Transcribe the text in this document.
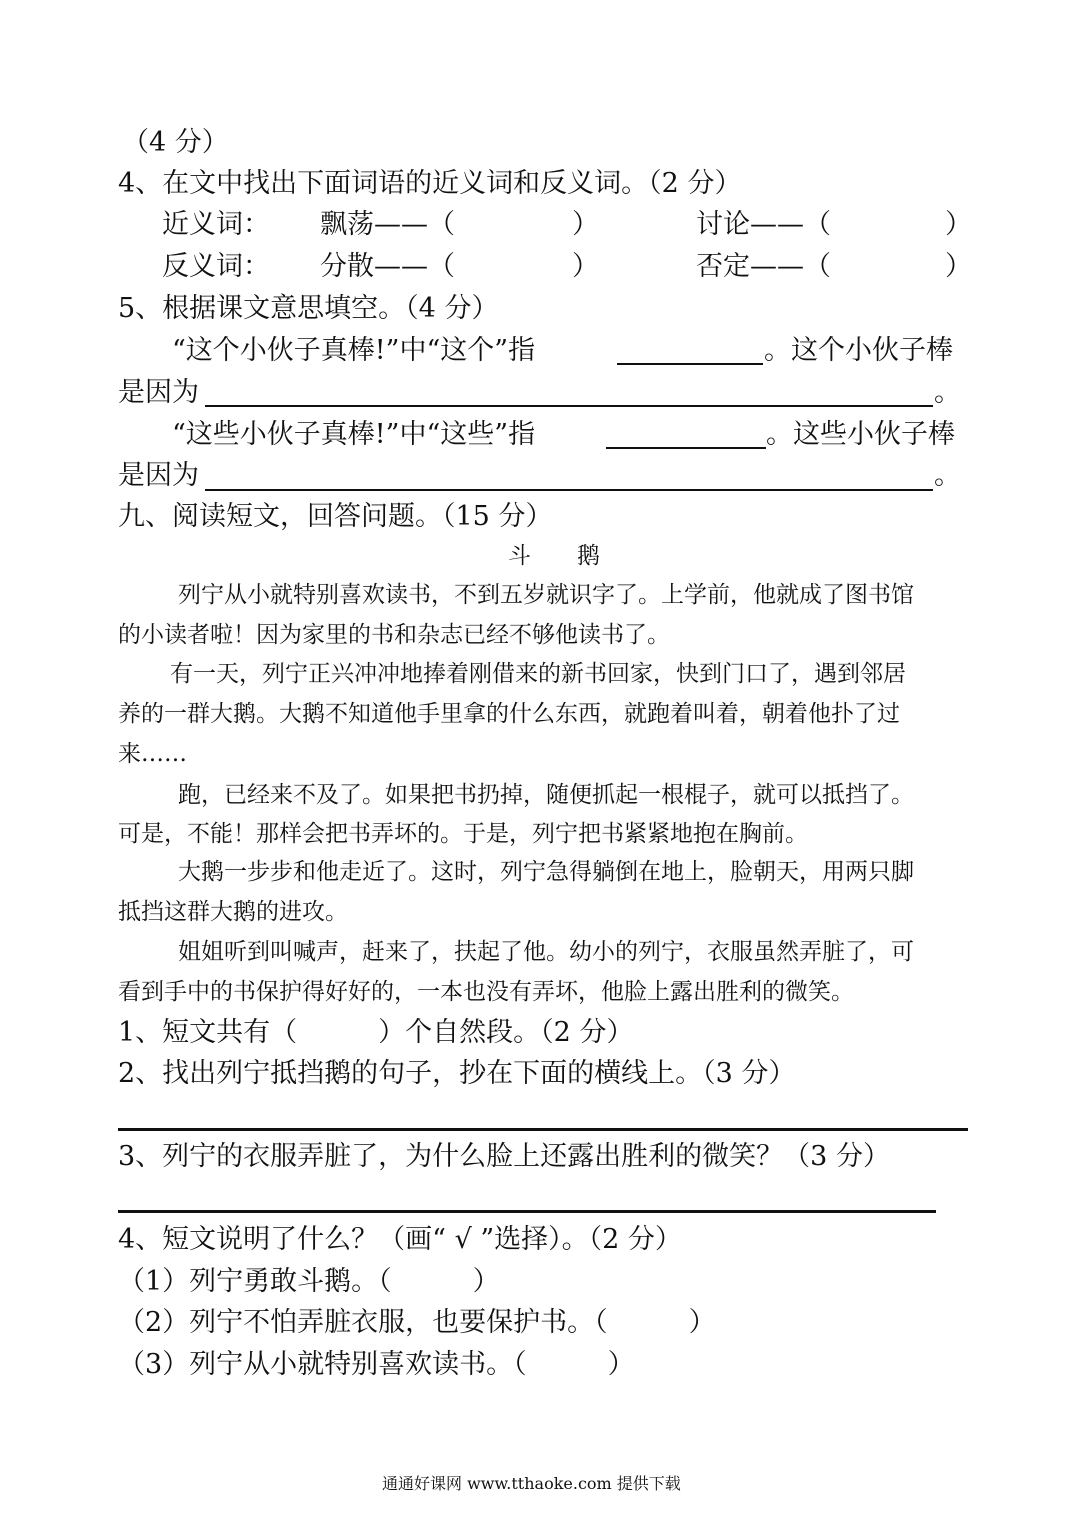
（4 分）
4、在文中找出下面词语的近义词和反义词。（2 分）
近义词： 飘荡——（	）	讨论——（	）
反义词： 分散——（	）	否定——（	）
5、根据课文意思填空。（4 分）
“这个小伙子真棒!”中“这个”指	。这个小伙子棒
是因为	。
“这些小伙子真棒!”中“这些”指	。这些小伙子棒
是因为	。
九、阅读短文，回答问题。（15 分）
斗　　鹅
列宁从小就特别喜欢读书，不到五岁就识字了。上学前，他就成了图书馆
的小读者啦！因为家里的书和杂志已经不够他读书了。
有一天，列宁正兴冲冲地捧着刚借来的新书回家，快到门口了，遇到邻居
养的一群大鹅。大鹅不知道他手里拿的什么东西，就跑着叫着，朝着他扑了过
来……
跑，已经来不及了。如果把书扔掉，随便抓起一根棍子，就可以抵挡了。
可是，不能！那样会把书弄坏的。于是，列宁把书紧紧地抱在胸前。
大鹅一步步和他走近了。这时，列宁急得躺倒在地上，脸朝天，用两只脚
抵挡这群大鹅的进攻。
姐姐听到叫喊声，赶来了，扶起了他。幼小的列宁，衣服虽然弄脏了，可
看到手中的书保护得好好的，一本也没有弄坏，他脸上露出胜利的微笑。
1、短文共有（　　　）个自然段。（2 分）
2、找出列宁抵挡鹅的句子，抄在下面的横线上。（3 分）
3、列宁的衣服弄脏了，为什么脸上还露出胜利的微笑？（3 分）
4、短文说明了什么？（画“ √ ”选择）。（2 分）
（1）列宁勇敢斗鹅。（　　　）
（2）列宁不怕弄脏衣服，也要保护书。（　　　）
（3）列宁从小就特别喜欢读书。（　　　）
通通好课网 www.tthaoke.com 提供下载
